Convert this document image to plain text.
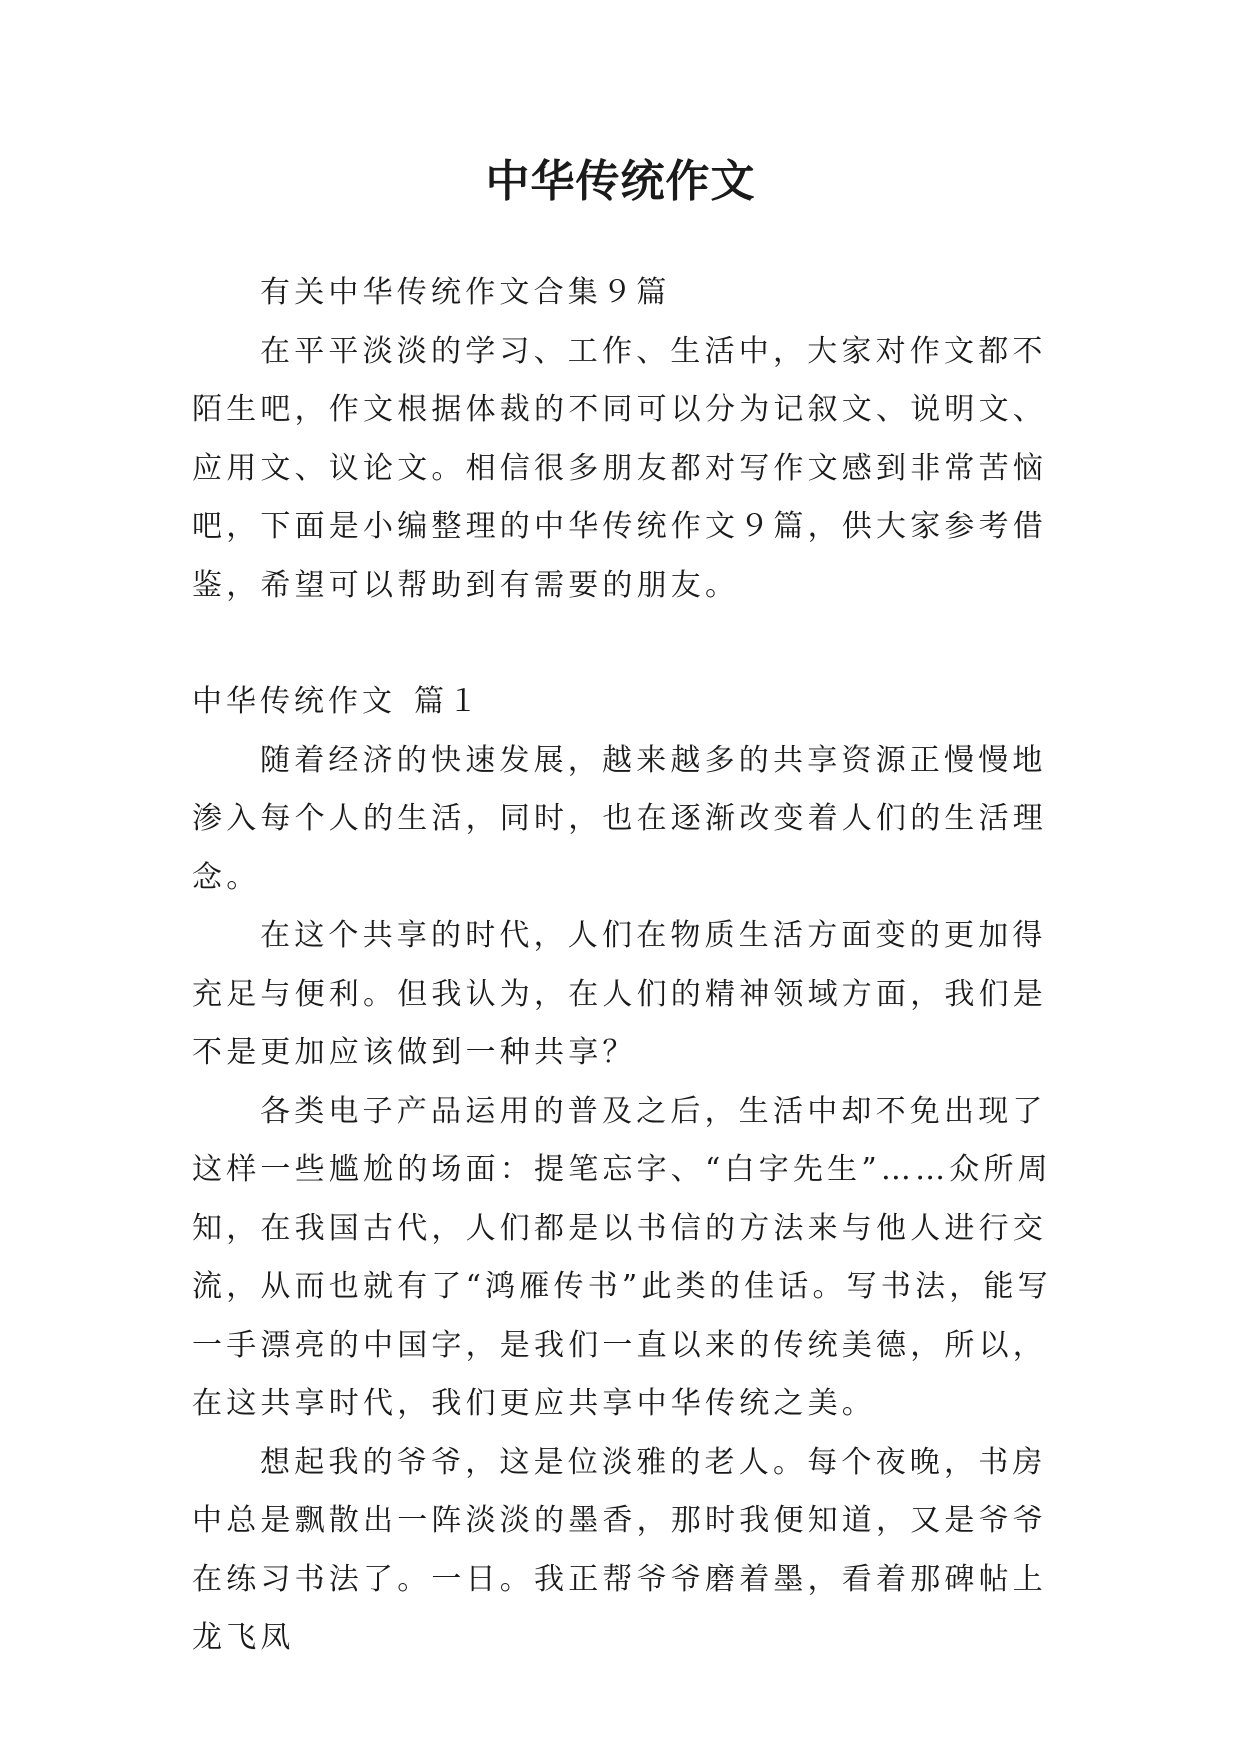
中华传统作文

有关中华传统作文合集９篇

在平平淡淡的学习、工作、生活中，大家对作文都不陌生吧，作文根据体裁的不同可以分为记叙文、说明文、应用文、议论文。相信很多朋友都对写作文感到非常苦恼吧，下面是小编整理的中华传统作文９篇，供大家参考借鉴，希望可以帮助到有需要的朋友。

中华传统作文 篇１

随着经济的快速发展，越来越多的共享资源正慢慢地渗入每个人的生活，同时，也在逐渐改变着人们的生活理念。

在这个共享的时代，人们在物质生活方面变的更加得充足与便利。但我认为，在人们的精神领域方面，我们是不是更加应该做到一种共享？

各类电子产品运用的普及之后，生活中却不免出现了这样一些尴尬的场面：提笔忘字、“白字先生”……众所周知，在我国古代，人们都是以书信的方法来与他人进行交流，从而也就有了“鸿雁传书”此类的佳话。写书法，能写一手漂亮的中国字，是我们一直以来的传统美德，所以，在这共享时代，我们更应共享中华传统之美。

想起我的爷爷，这是位淡雅的老人。每个夜晚，书房中总是飘散出一阵淡淡的墨香，那时我便知道，又是爷爷在练习书法了。一日。我正帮爷爷磨着墨，看着那碑帖上龙飞凤
